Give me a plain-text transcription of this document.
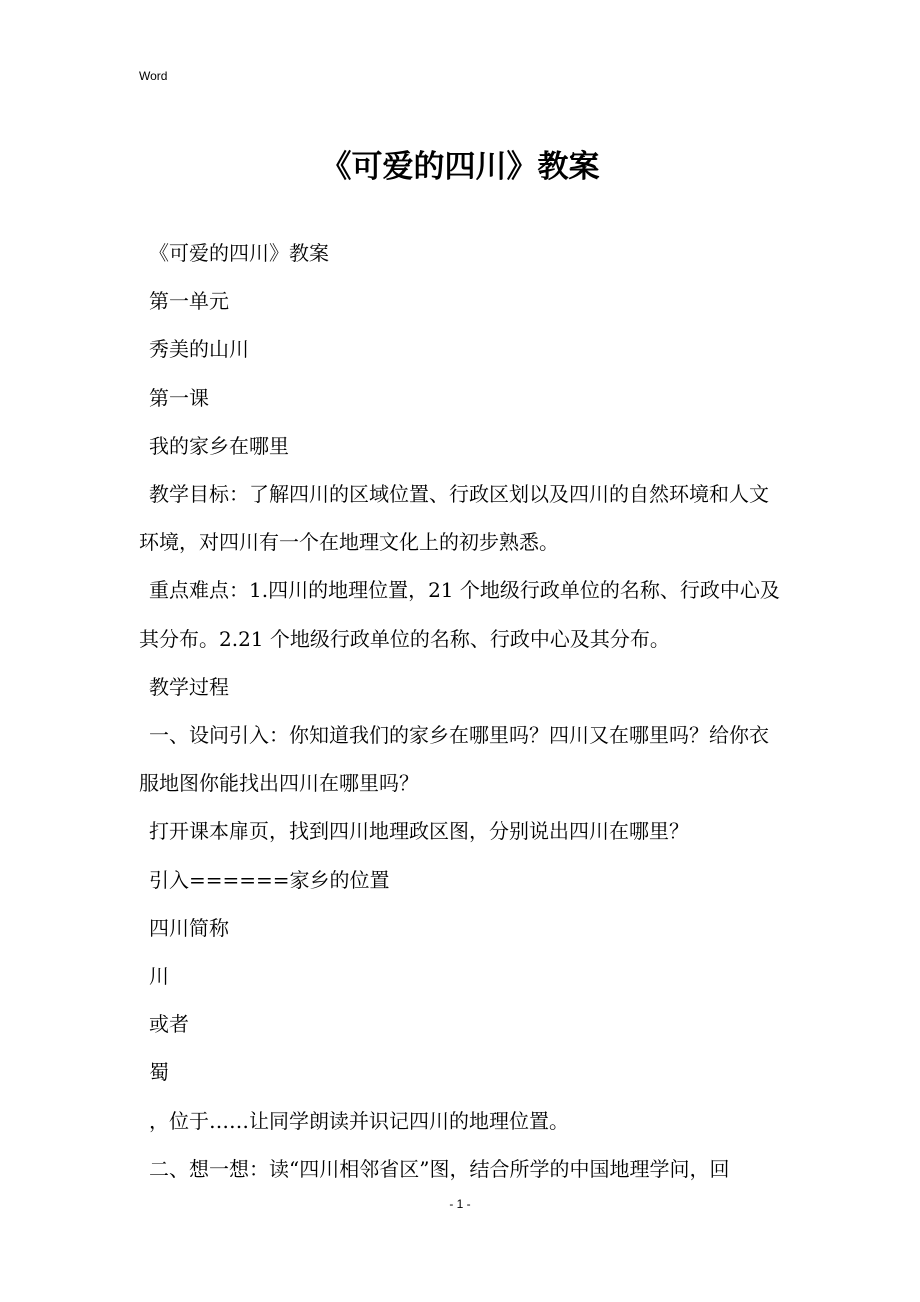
Word
《可爱的四川》教案

《可爱的四川》教案

第一单元

秀美的山川

第一课

我的家乡在哪里

教学目标：了解四川的区域位置、行政区划以及四川的自然环境和人文环境，对四川有一个在地理文化上的初步熟悉。

重点难点：1.四川的地理位置，21 个地级行政单位的名称、行政中心及其分布。2.21 个地级行政单位的名称、行政中心及其分布。

教学过程

一、设问引入：你知道我们的家乡在哪里吗？四川又在哪里吗？给你衣服地图你能找出四川在哪里吗？

打开课本扉页，找到四川地理政区图，分别说出四川在哪里？

引入======家乡的位置

四川简称

川

或者

蜀

，位于……让同学朗读并识记四川的地理位置。

二、想一想：读“四川相邻省区”图，结合所学的中国地理学问，回

- 1 -
